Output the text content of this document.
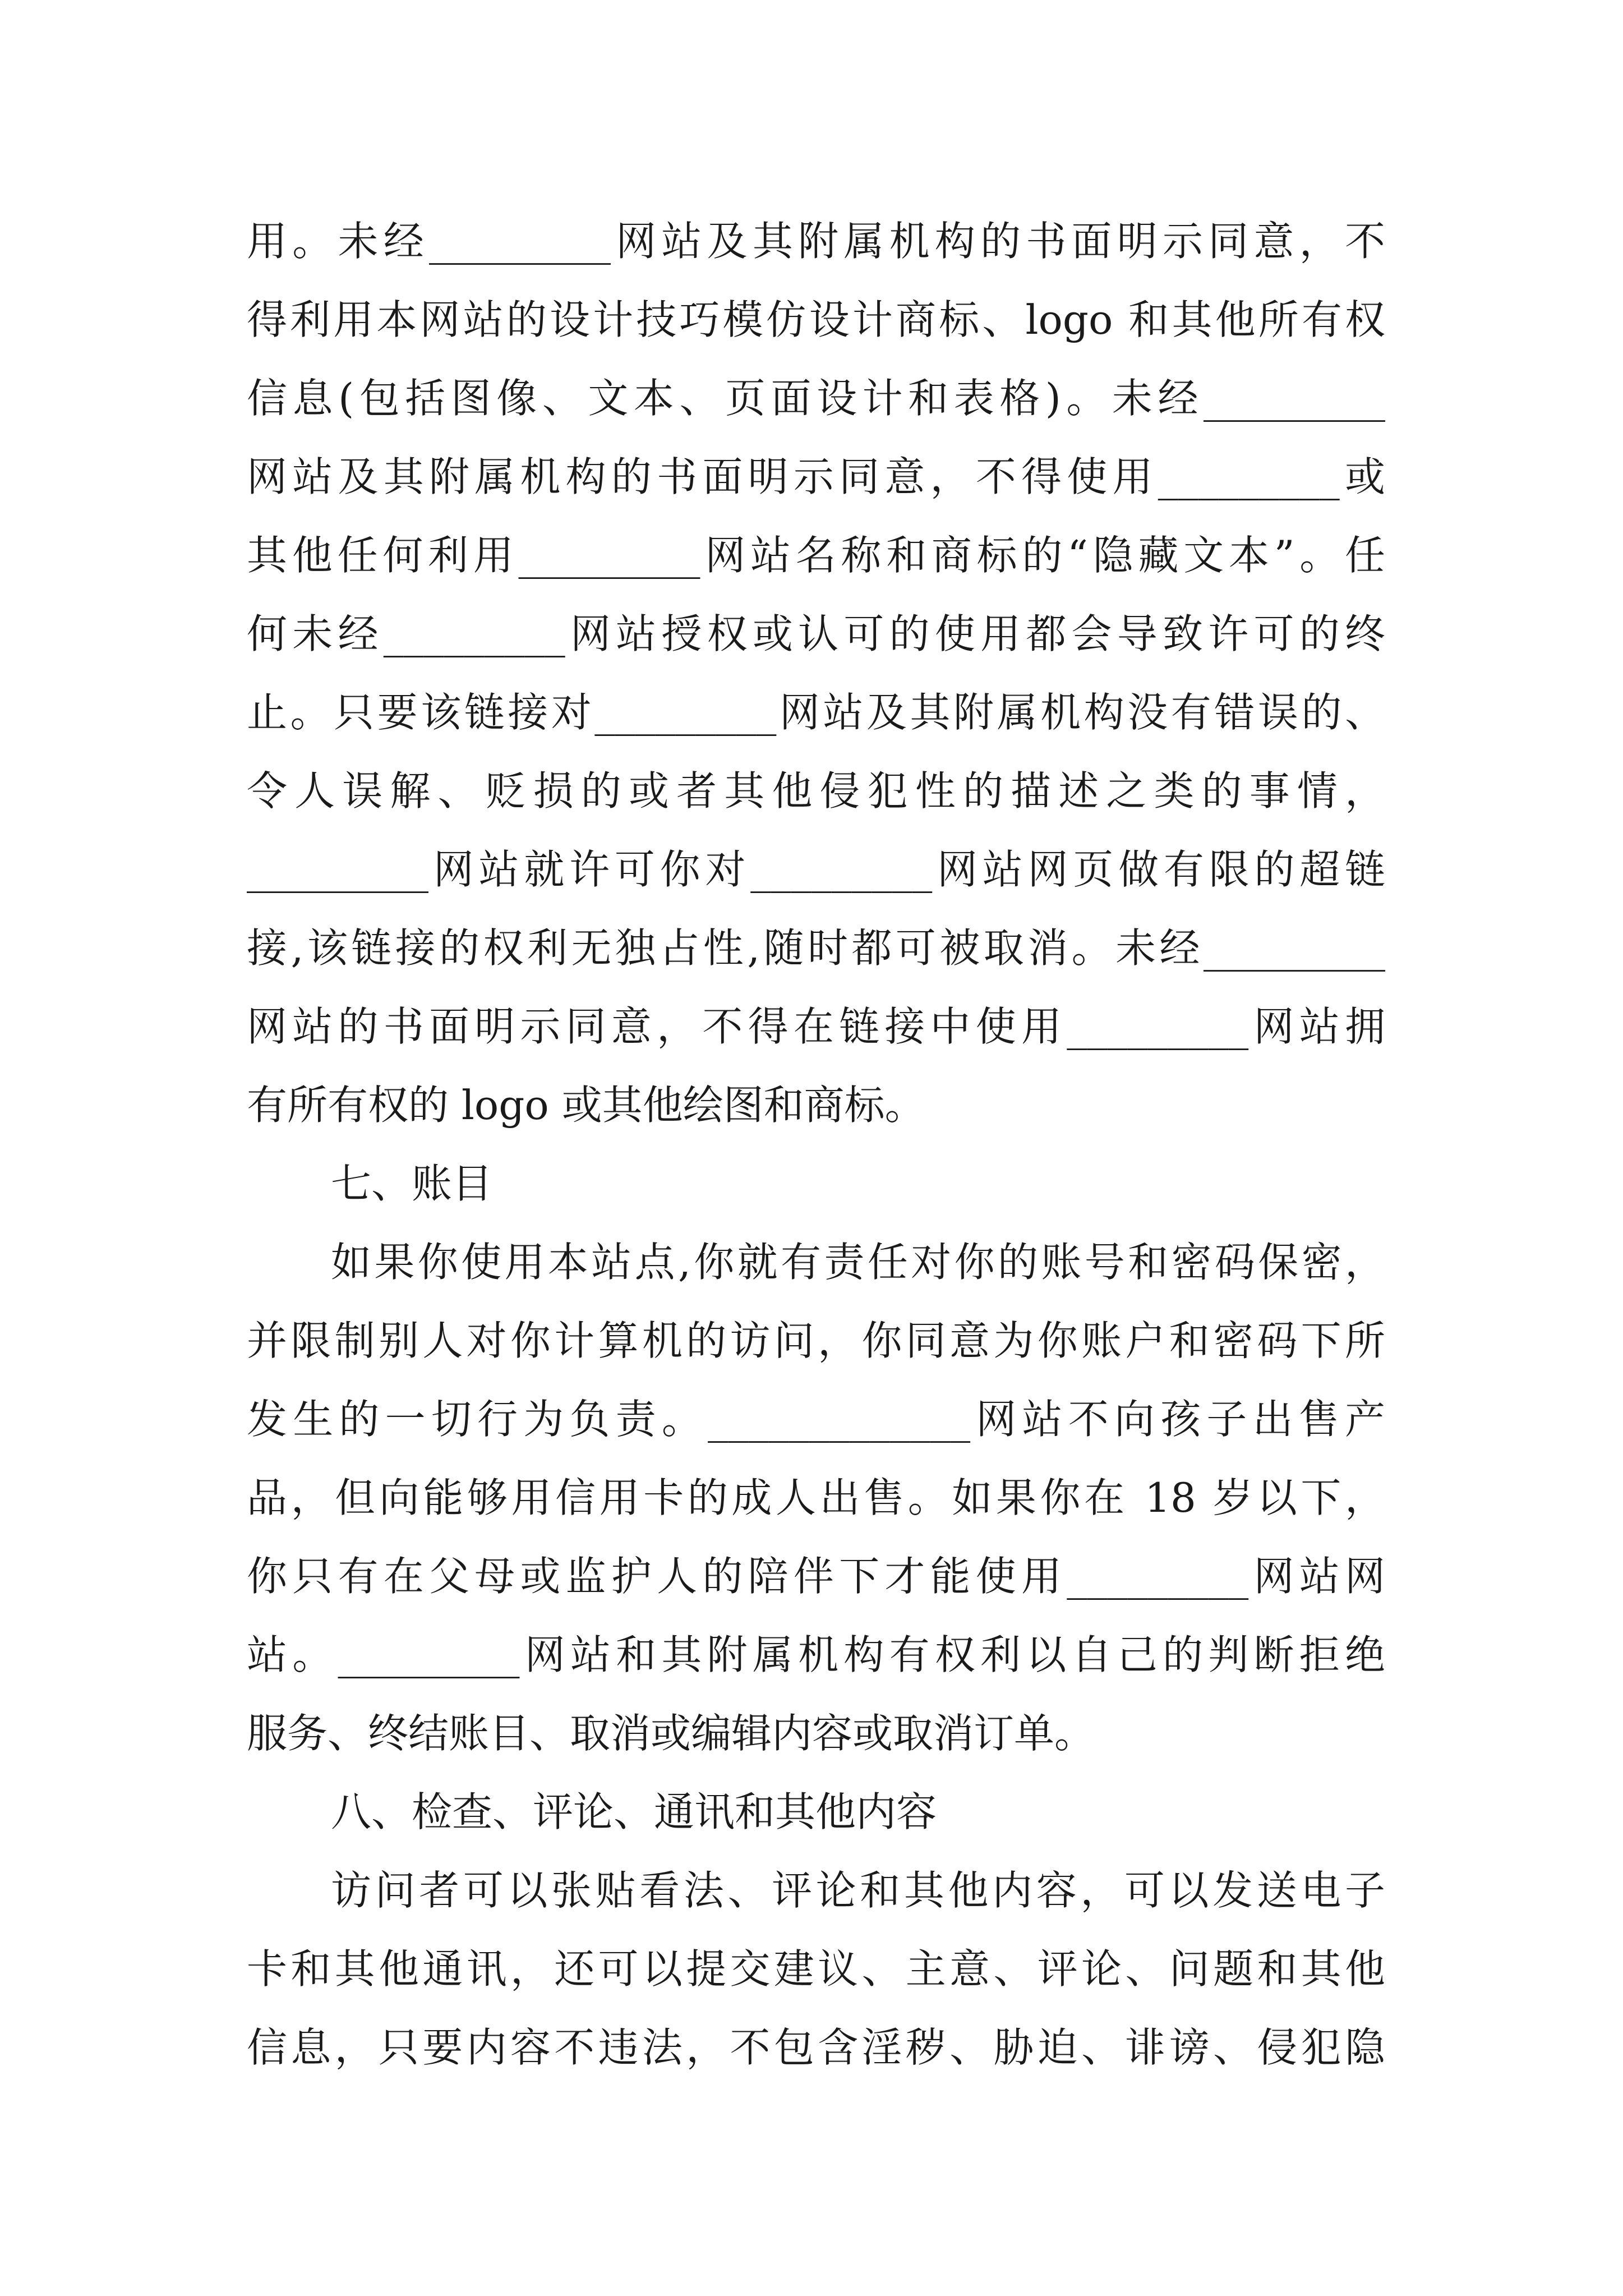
用。未经_________网站及其附属机构的书面明示同意，不
得利用本网站的设计技巧模仿设计商标、logo 和其他所有权
信息(包括图像、文本、页面设计和表格)。未经_________
网站及其附属机构的书面明示同意，不得使用_________或
其他任何利用_________网站名称和商标的“隐藏文本”。任
何未经_________网站授权或认可的使用都会导致许可的终
止。只要该链接对_________网站及其附属机构没有错误的、
令人误解、贬损的或者其他侵犯性的描述之类的事情，
_________网站就许可你对_________网站网页做有限的超链
接,该链接的权利无独占性,随时都可被取消。未经_________
网站的书面明示同意，不得在链接中使用_________网站拥
有所有权的 logo 或其他绘图和商标。
七、账目
如果你使用本站点,你就有责任对你的账号和密码保密，
并限制别人对你计算机的访问，你同意为你账户和密码下所
发生的一切行为负责。_____________网站不向孩子出售产
品，但向能够用信用卡的成人出售。如果你在 18 岁以下，
你只有在父母或监护人的陪伴下才能使用_________网站网
站。_________网站和其附属机构有权利以自己的判断拒绝
服务、终结账目、取消或编辑内容或取消订单。
八、检查、评论、通讯和其他内容
访问者可以张贴看法、评论和其他内容，可以发送电子
卡和其他通讯，还可以提交建议、主意、评论、问题和其他
信息，只要内容不违法，不包含淫秽、胁迫、诽谤、侵犯隐
